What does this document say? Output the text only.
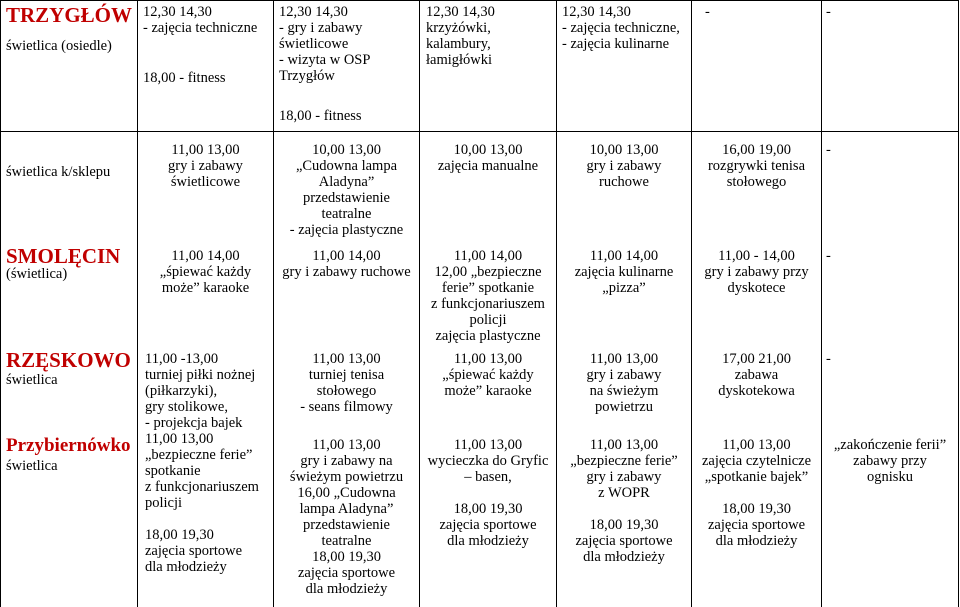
TRZYGŁÓW
świetlica (osiedle)
12,30 14,30
- zajęcia techniczne
18,00 - fitness
12,30 14,30
- gry i zabawy
świetlicowe
- wizyta w OSP
Trzygłów
18,00 - fitness
12,30 14,30
krzyżówki,
kalambury,
łamigłówki
12,30 14,30
- zajęcia techniczne,
- zajęcia kulinarne
-	-
świetlica k/sklepu
11,00 13,00
gry i zabawy
świetlicowe
10,00 13,00
„Cudowna lampa
Aladyna”
przedstawienie
teatralne
- zajęcia plastyczne
10,00 13,00
zajęcia manualne
10,00 13,00
gry i zabawy
ruchowe
16,00 19,00
rozgrywki tenisa
stołowego
-
SMOLĘCIN
(świetlica)
11,00 14,00
„śpiewać każdy
może” karaoke
11,00 14,00
gry i zabawy ruchowe
11,00 14,00
12,00 „bezpieczne
ferie” spotkanie
z funkcjonariuszem
policji
zajęcia plastyczne
11,00 14,00
zajęcia kulinarne
„pizza”
11,00 - 14,00
gry i zabawy przy
dyskotece
-
RZĘSKOWO
świetlica
11,00 13,00
turniej tenisa
stołowego
- seans filmowy
11,00 13,00
„śpiewać każdy
może” karaoke
11,00 13,00
gry i zabawy
na świeżym
powietrzu
17,00 21,00
zabawa
dyskotekowa
-
Przybiernówko
świetlica
11,00 13,00
gry i zabawy na
świeżym powietrzu
16,00 „Cudowna
lampa Aladyna”
przedstawienie
teatralne
18,00 19,30
zajęcia sportowe
dla młodzieży
11,00 13,00
wycieczka do Gryfic
– basen,
18,00 19,30
zajęcia sportowe
dla młodzieży
11,00 13,00
„bezpieczne ferie”
gry i zabawy
z WOPR
18,00 19,30
zajęcia sportowe
dla młodzieży
11,00 13,00
zajęcia czytelnicze
„spotkanie bajek”
18,00 19,30
zajęcia sportowe
dla młodzieży
„zakończenie ferii”
zabawy przy
ognisku
11,00 -13,00
turniej piłki nożnej
(piłkarzyki),
gry stolikowe,
- projekcja bajek
11,00 13,00
„bezpieczne ferie”
spotkanie
z funkcjonariuszem
policji
18,00 19,30
zajęcia sportowe
dla młodzieży
